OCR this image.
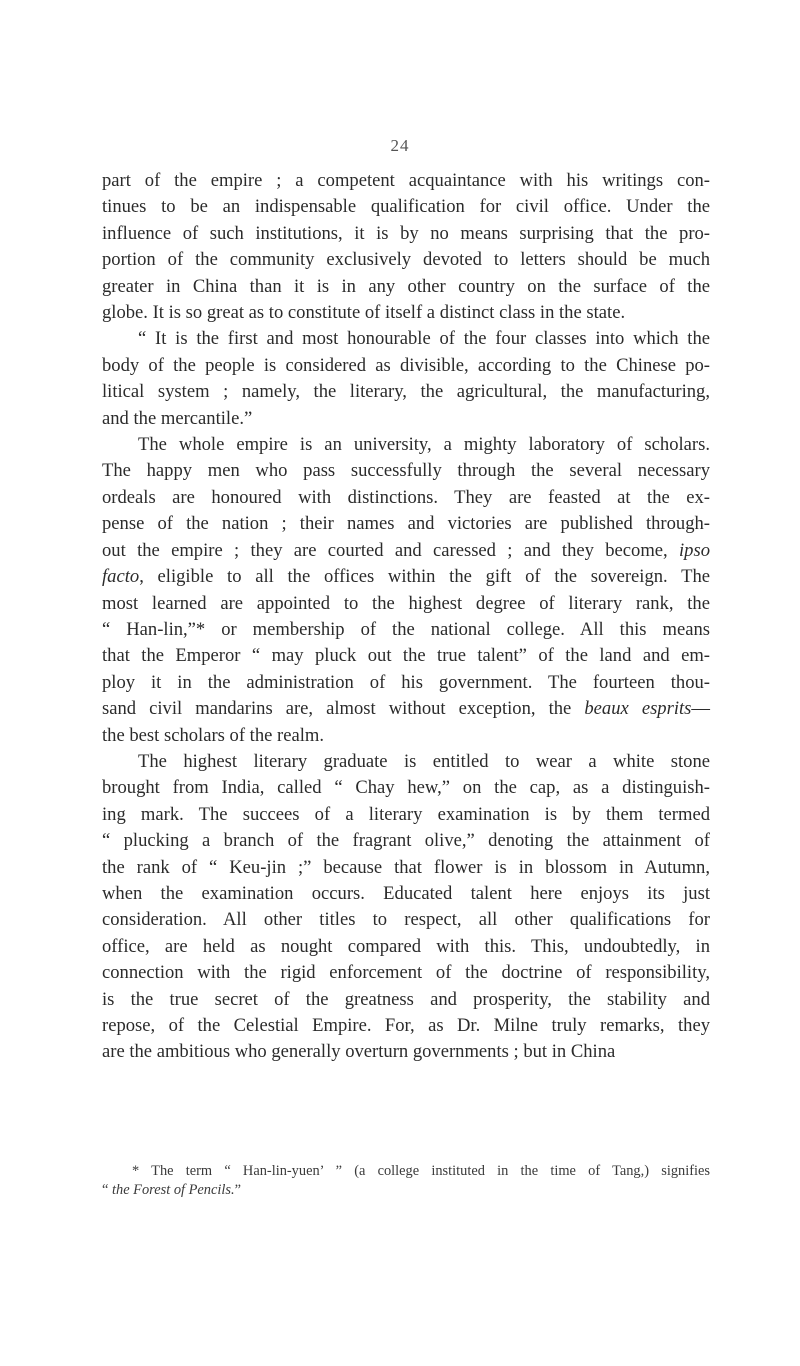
24
part of the empire ; a competent acquaintance with his writings con-
tinues to be an indispensable qualification for civil office. Under the
influence of such institutions, it is by no means surprising that the pro-
portion of the community exclusively devoted to letters should be much
greater in China than it is in any other country on the surface of the
globe. It is so great as to constitute of itself a distinct class in the state.
“ It is the first and most honourable of the four classes into which the
body of the people is considered as divisible, according to the Chinese po-
litical system ; namely, the literary, the agricultural, the manufacturing,
and the mercantile.”
The whole empire is an university, a mighty laboratory of scholars.
The happy men who pass successfully through the several necessary
ordeals are honoured with distinctions. They are feasted at the ex-
pense of the nation ; their names and victories are published through-
out the empire ; they are courted and caressed ; and they become, ipso
facto, eligible to all the offices within the gift of the sovereign. The
most learned are appointed to the highest degree of literary rank, the
“ Han-lin,”* or membership of the national college. All this means
that the Emperor “ may pluck out the true talent” of the land and em-
ploy it in the administration of his government. The fourteen thou-
sand civil mandarins are, almost without exception, the beaux esprits—
the best scholars of the realm.
The highest literary graduate is entitled to wear a white stone
brought from India, called “ Chay hew,” on the cap, as a distinguish-
ing mark. The succees of a literary examination is by them termed
“ plucking a branch of the fragrant olive,” denoting the attainment of
the rank of “ Keu-jin ;” because that flower is in blossom in Autumn,
when the examination occurs. Educated talent here enjoys its just
consideration. All other titles to respect, all other qualifications for
office, are held as nought compared with this. This, undoubtedly, in
connection with the rigid enforcement of the doctrine of responsibility,
is the true secret of the greatness and prosperity, the stability and
repose, of the Celestial Empire. For, as Dr. Milne truly remarks, they
are the ambitious who generally overturn governments ; but in China
* The term “ Han-lin-yuen’ ” (a college instituted in the time of Tang,) signifies
“ the Forest of Pencils.”
